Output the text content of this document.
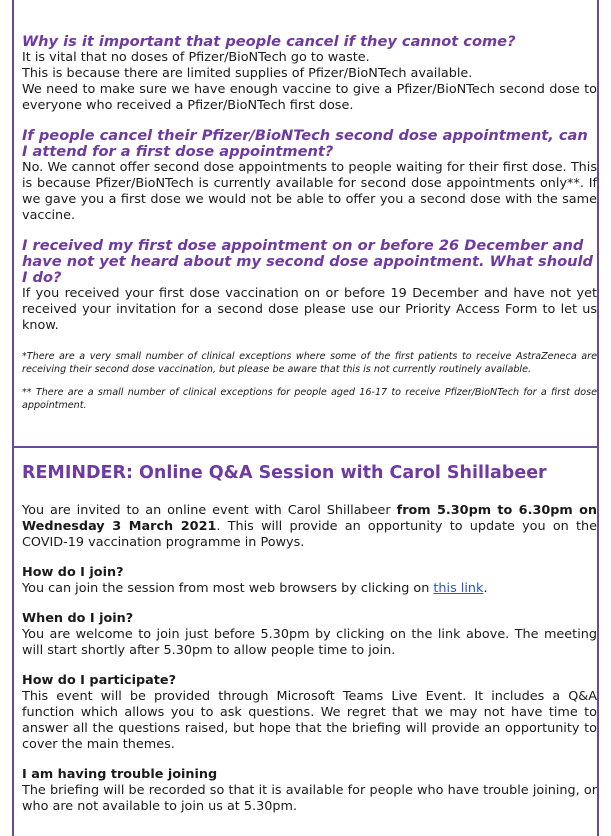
Why is it important that people cancel if they cannot come?

It is vital that no doses of Pfizer/BioNTech go to waste.

This is because there are limited supplies of Pfizer/BioNTech available.

We need to make sure we have enough vaccine to give a Pfizer/BioNTech second dose to everyone who received a Pfizer/BioNTech first dose.

If people cancel their Pfizer/BioNTech second dose appointment, can I attend for a first dose appointment?

No. We cannot offer second dose appointments to people waiting for their first dose. This is because Pfizer/BioNTech is currently available for second dose appointments only**. If we gave you a first dose we would not be able to offer you a second dose with the same vaccine.

I received my first dose appointment on or before 26 December and have not yet heard about my second dose appointment. What should I do?

If you received your first dose vaccination on or before 19 December and have not yet received your invitation for a second dose please use our Priority Access Form to let us know.

*There are a very small number of clinical exceptions where some of the first patients to receive AstraZeneca are receiving their second dose vaccination, but please be aware that this is not currently routinely available.

** There are a small number of clinical exceptions for people aged 16-17 to receive Pfizer/BioNTech for a first dose appointment.

REMINDER: Online Q&A Session with Carol Shillabeer

You are invited to an online event with Carol Shillabeer from 5.30pm to 6.30pm on Wednesday 3 March 2021. This will provide an opportunity to update you on the COVID-19 vaccination programme in Powys.

How do I join?

You can join the session from most web browsers by clicking on this link.

When do I join?

You are welcome to join just before 5.30pm by clicking on the link above. The meeting will start shortly after 5.30pm to allow people time to join.

How do I participate?

This event will be provided through Microsoft Teams Live Event. It includes a Q&A function which allows you to ask questions. We regret that we may not have time to answer all the questions raised, but hope that the briefing will provide an opportunity to cover the main themes.

I am having trouble joining

The briefing will be recorded so that it is available for people who have trouble joining, or who are not available to join us at 5.30pm.
